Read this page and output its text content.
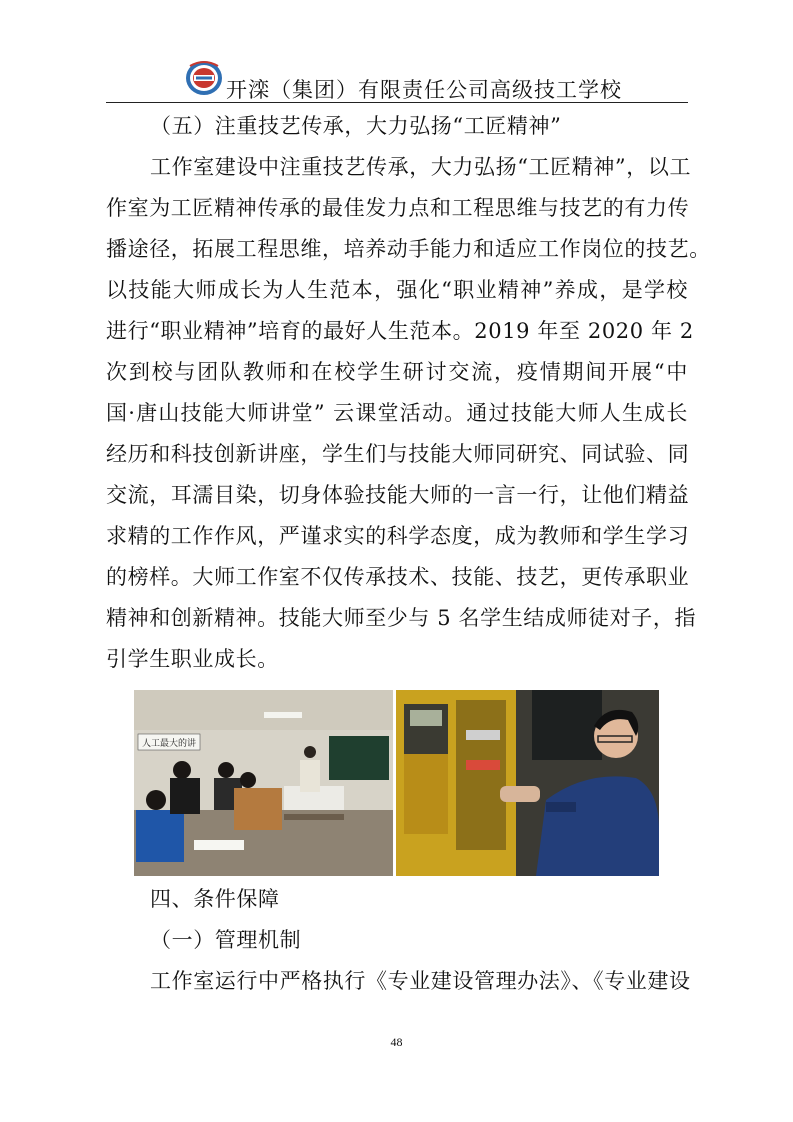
开滦（集团）有限责任公司高级技工学校
（五）注重技艺传承，大力弘扬“工匠精神”
工作室建设中注重技艺传承，大力弘扬“工匠精神”，以工
作室为工匠精神传承的最佳发力点和工程思维与技艺的有力传
播途径，拓展工程思维，培养动手能力和适应工作岗位的技艺。
以技能大师成长为人生范本，强化“职业精神”养成，是学校
进行“职业精神”培育的最好人生范本。2019 年至 2020 年 2
次到校与团队教师和在校学生研讨交流，疫情期间开展“中
国·唐山技能大师讲堂” 云课堂活动。通过技能大师人生成长
经历和科技创新讲座，学生们与技能大师同研究、同试验、同
交流，耳濡目染，切身体验技能大师的一言一行，让他们精益
求精的工作作风，严谨求实的科学态度，成为教师和学生学习
的榜样。大师工作室不仅传承技术、技能、技艺，更传承职业
精神和创新精神。技能大师至少与 5 名学生结成师徒对子，指
引学生职业成长。
人工最大的讲
四、条件保障
（一）管理机制
工作室运行中严格执行《专业建设管理办法》、《专业建设
48
